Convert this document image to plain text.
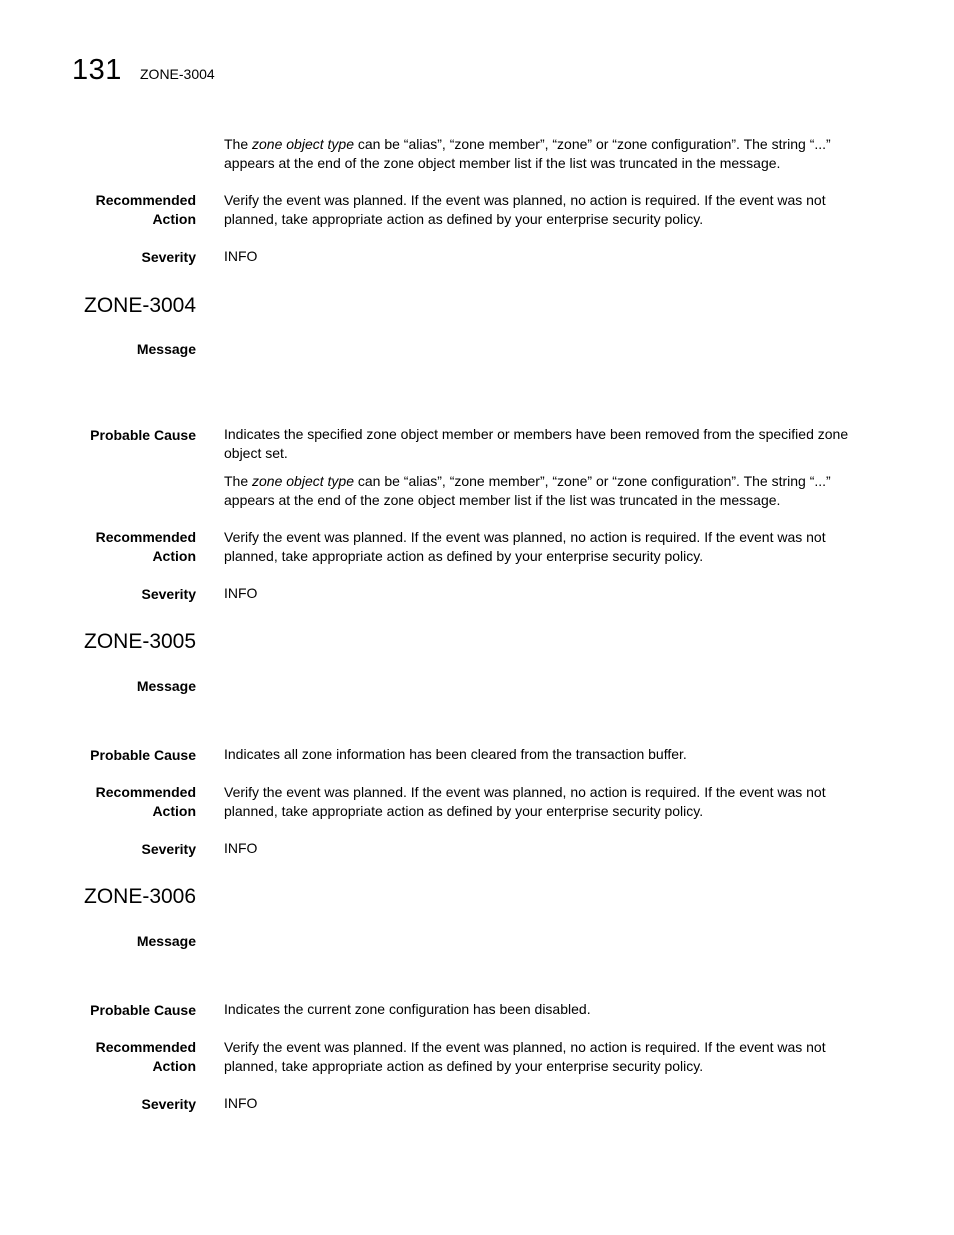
131 ZONE-3004
The zone object type can be “alias”, “zone member”, “zone” or “zone configuration”. The string “...” appears at the end of the zone object member list if the list was truncated in the message.
Recommended
Action
Verify the event was planned. If the event was planned, no action is required. If the event was not planned, take appropriate action as defined by your enterprise security policy.
Severity INFO
ZONE-3004
Message
Probable Cause Indicates the specified zone object member or members have been removed from the specified zone object set.
The zone object type can be “alias”, “zone member”, “zone” or “zone configuration”. The string “...” appears at the end of the zone object member list if the list was truncated in the message.
Recommended
Action
Verify the event was planned. If the event was planned, no action is required. If the event was not planned, take appropriate action as defined by your enterprise security policy.
Severity INFO
ZONE-3005
Message
Probable Cause Indicates all zone information has been cleared from the transaction buffer.
Recommended
Action
Verify the event was planned. If the event was planned, no action is required. If the event was not planned, take appropriate action as defined by your enterprise security policy.
Severity INFO
ZONE-3006
Message
Probable Cause Indicates the current zone configuration has been disabled.
Recommended
Action
Verify the event was planned. If the event was planned, no action is required. If the event was not planned, take appropriate action as defined by your enterprise security policy.
Severity INFO
